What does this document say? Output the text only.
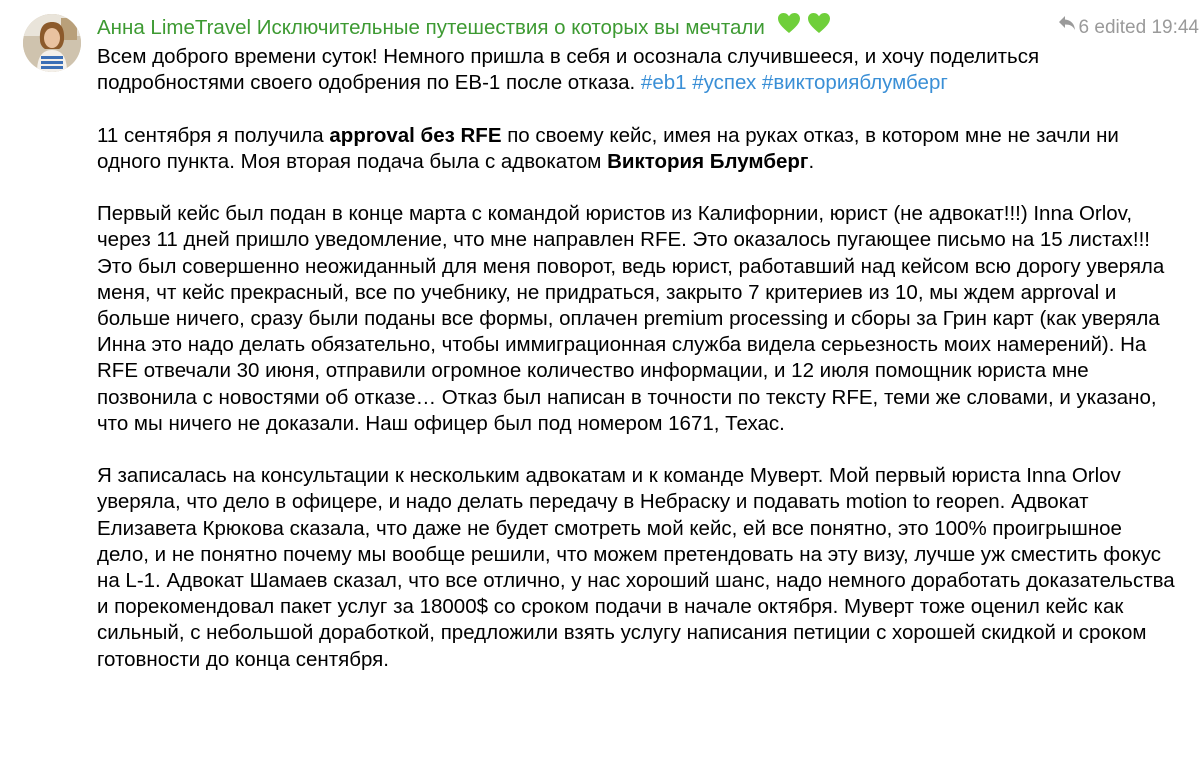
Анна LimeTravel Исключительные путешествия о которых вы мечтали	6 edited 19:44

Всем доброго времени суток! Немного пришла в себя и осознала случившееся, и хочу поделиться подробностями своего одобрения по ЕВ-1 после отказа. #eb1 #успех #викторияблумберг

11 сентября я получила approval без RFE по своему кейс, имея на руках отказ, в котором мне не зачли ни одного пункта. Моя вторая подача была с адвокатом Виктория Блумберг.

Первый кейс был подан в конце марта с командой юристов из Калифорнии, юрист (не адвокат!!!) Inna Orlov, через 11 дней пришло уведомление, что мне направлен RFE. Это оказалось пугающее письмо на 15 листах!!! Это был совершенно неожиданный для меня поворот, ведь юрист, работавший над кейсом всю дорогу уверяла меня, чт кейс прекрасный, все по учебнику, не придраться, закрыто 7 критериев из 10, мы ждем approval и больше ничего, сразу были поданы все формы, оплачен premium processing и сборы за Грин карт (как уверяла Инна это надо делать обязательно, чтобы иммиграционная служба видела серьезность моих намерений). На RFE отвечали 30 июня, отправили огромное количество информации, и 12 июля помощник юриста мне позвонила с новостями об отказе… Отказ был написан в точности по тексту RFE, теми же словами, и указано, что мы ничего не доказали. Наш офицер был под номером 1671, Техас.

Я записалась на консультации к нескольким адвокатам и к команде Муверт. Мой первый юриста Inna Orlov уверяла, что дело в офицере, и надо делать передачу в Небраску и подавать motion to reopen. Адвокат Елизавета Крюкова сказала, что даже не будет смотреть мой кейс, ей все понятно, это 100% проигрышное дело, и не понятно почему мы вообще решили, что можем претендовать на эту визу, лучше уж сместить фокус на L-1. Адвокат Шамаев сказал, что все отлично, у нас хороший шанс, надо немного доработать доказательства и порекомендовал пакет услуг за 18000$ со сроком подачи в начале октября. Муверт тоже оценил кейс как сильный, с небольшой доработкой, предложили взять услугу написания петиции с хорошей скидкой и сроком готовности до конца сентября.
